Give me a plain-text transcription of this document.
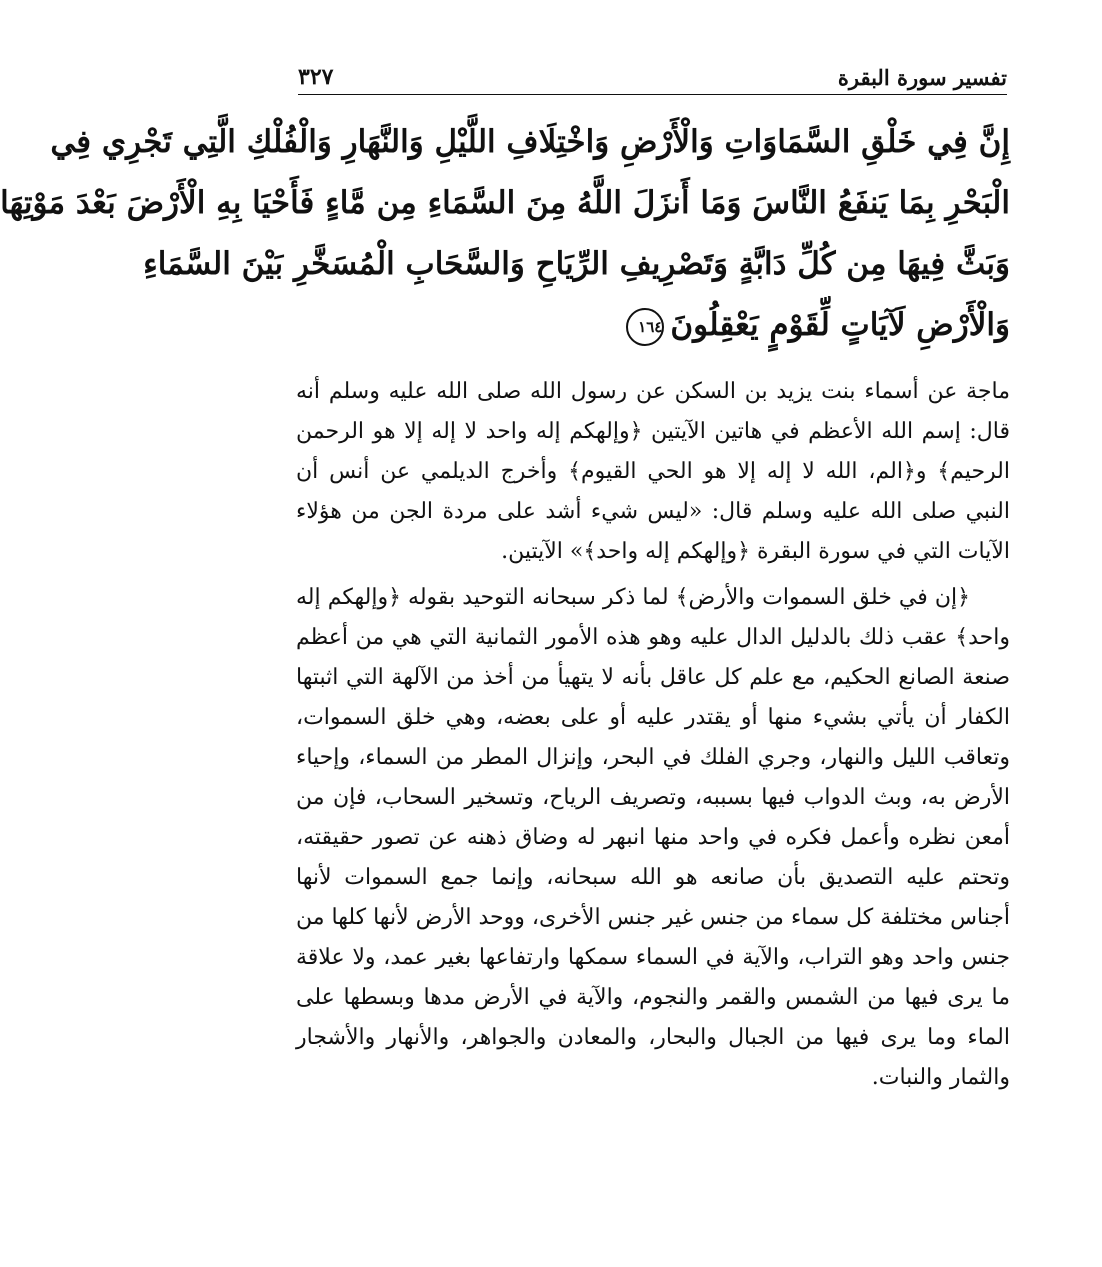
٣٢٧	تفسير سورة البقرة
إِنَّ فِي خَلْقِ السَّمَاوَاتِ وَالْأَرْضِ وَاخْتِلَافِ اللَّيْلِ وَالنَّهَارِ وَالْفُلْكِ الَّتِي تَجْرِي فِي
الْبَحْرِ بِمَا يَنفَعُ النَّاسَ وَمَا أَنزَلَ اللَّهُ مِنَ السَّمَاءِ مِن مَّاءٍ فَأَحْيَا بِهِ الْأَرْضَ بَعْدَ مَوْتِهَا
وَبَثَّ فِيهَا مِن كُلِّ دَابَّةٍ وَتَصْرِيفِ الرِّيَاحِ وَالسَّحَابِ الْمُسَخَّرِ بَيْنَ السَّمَاءِ
وَالْأَرْضِ لَآيَاتٍ لِّقَوْمٍ يَعْقِلُونَ١٦٤

ماجة عن أسماء بنت يزيد بن السكن عن رسول الله صلى الله عليه وسلم أنه قال: إسم الله الأعظم في هاتين الآيتين ﴿وإلهكم إله واحد لا إله إلا هو الرحمن الرحيم﴾ و﴿الم، الله لا إله إلا هو الحي القيوم﴾ وأخرج الديلمي عن أنس أن النبي صلى الله عليه وسلم قال: «ليس شيء أشد على مردة الجن من هؤلاء الآيات التي في سورة البقرة ﴿وإلهكم إله واحد﴾» الآيتين.

﴿إن في خلق السموات والأرض﴾ لما ذكر سبحانه التوحيد بقوله ﴿وإلهكم إله واحد﴾ عقب ذلك بالدليل الدال عليه وهو هذه الأمور الثمانية التي هي من أعظم صنعة الصانع الحكيم، مع علم كل عاقل بأنه لا يتهيأ من أخذ من الآلهة التي اثبتها الكفار أن يأتي بشيء منها أو يقتدر عليه أو على بعضه، وهي خلق السموات، وتعاقب الليل والنهار، وجري الفلك في البحر، وإنزال المطر من السماء، وإحياء الأرض به، وبث الدواب فيها بسببه، وتصريف الرياح، وتسخير السحاب، فإن من أمعن نظره وأعمل فكره في واحد منها انبهر له وضاق ذهنه عن تصور حقيقته، وتحتم عليه التصديق بأن صانعه هو الله سبحانه، وإنما جمع السموات لأنها أجناس مختلفة كل سماء من جنس غير جنس الأخرى، ووحد الأرض لأنها كلها من جنس واحد وهو التراب، والآية في السماء سمكها وارتفاعها بغير عمد، ولا علاقة ما يرى فيها من الشمس والقمر والنجوم، والآية في الأرض مدها وبسطها على الماء وما يرى فيها من الجبال والبحار، والمعادن والجواهر، والأنهار والأشجار والثمار والنبات.
